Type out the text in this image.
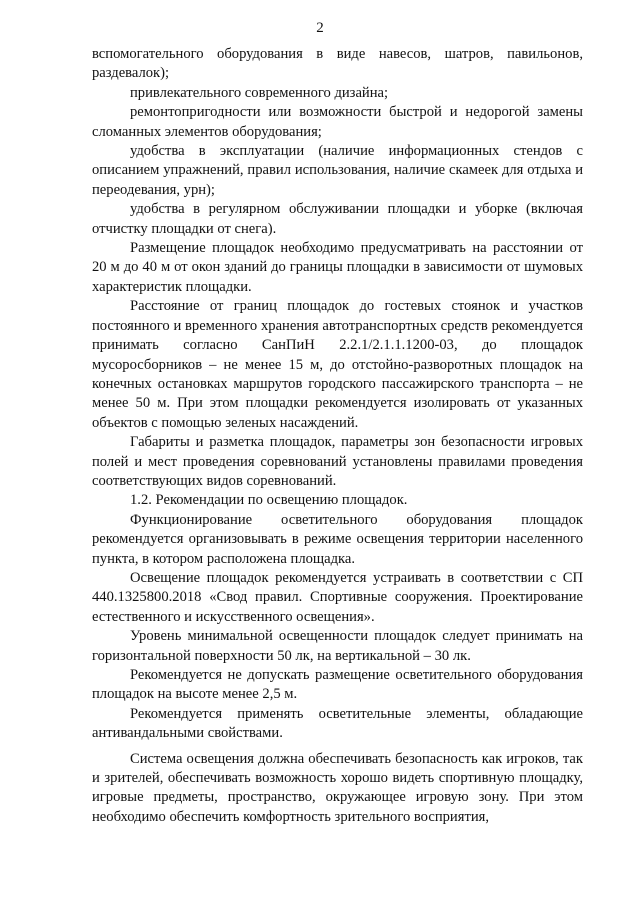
2

вспомогательного оборудования в виде навесов, шатров, павильонов, раздевалок);

привлекательного современного дизайна;

ремонтопригодности или возможности быстрой и недорогой замены сломанных элементов оборудования;

удобства в эксплуатации (наличие информационных стендов с описанием упражнений, правил использования, наличие скамеек для отдыха и переодевания, урн);

удобства в регулярном обслуживании площадки и уборке (включая отчистку площадки от снега).

Размещение площадок необходимо предусматривать на расстоянии от 20 м до 40 м от окон зданий до границы площадки в зависимости от шумовых характеристик площадки.

Расстояние от границ площадок до гостевых стоянок и участков постоянного и временного хранения автотранспортных средств рекомендуется принимать согласно СанПиН 2.2.1/2.1.1.1200-03, до площадок мусоросборников – не менее 15 м, до отстойно-разворотных площадок на конечных остановках маршрутов городского пассажирского транспорта – не менее 50 м. При этом площадки рекомендуется изолировать от указанных объектов с помощью зеленых насаждений.

Габариты и разметка площадок, параметры зон безопасности игровых полей и мест проведения соревнований установлены правилами проведения соответствующих видов соревнований.

1.2. Рекомендации по освещению площадок.

Функционирование осветительного оборудования площадок рекомендуется организовывать в режиме освещения территории населенного пункта, в котором расположена площадка.

Освещение площадок рекомендуется устраивать в соответствии с СП 440.1325800.2018 «Свод правил. Спортивные сооружения. Проектирование естественного и искусственного освещения».

Уровень минимальной освещенности площадок следует принимать на горизонтальной поверхности 50 лк, на вертикальной – 30 лк.

Рекомендуется не допускать размещение осветительного оборудования площадок на высоте менее 2,5 м.

Рекомендуется применять осветительные элементы, обладающие антивандальными свойствами.

Система освещения должна обеспечивать безопасность как игроков, так и зрителей, обеспечивать возможность хорошо видеть спортивную площадку, игровые предметы, пространство, окружающее игровую зону. При этом необходимо обеспечить комфортность зрительного восприятия,
